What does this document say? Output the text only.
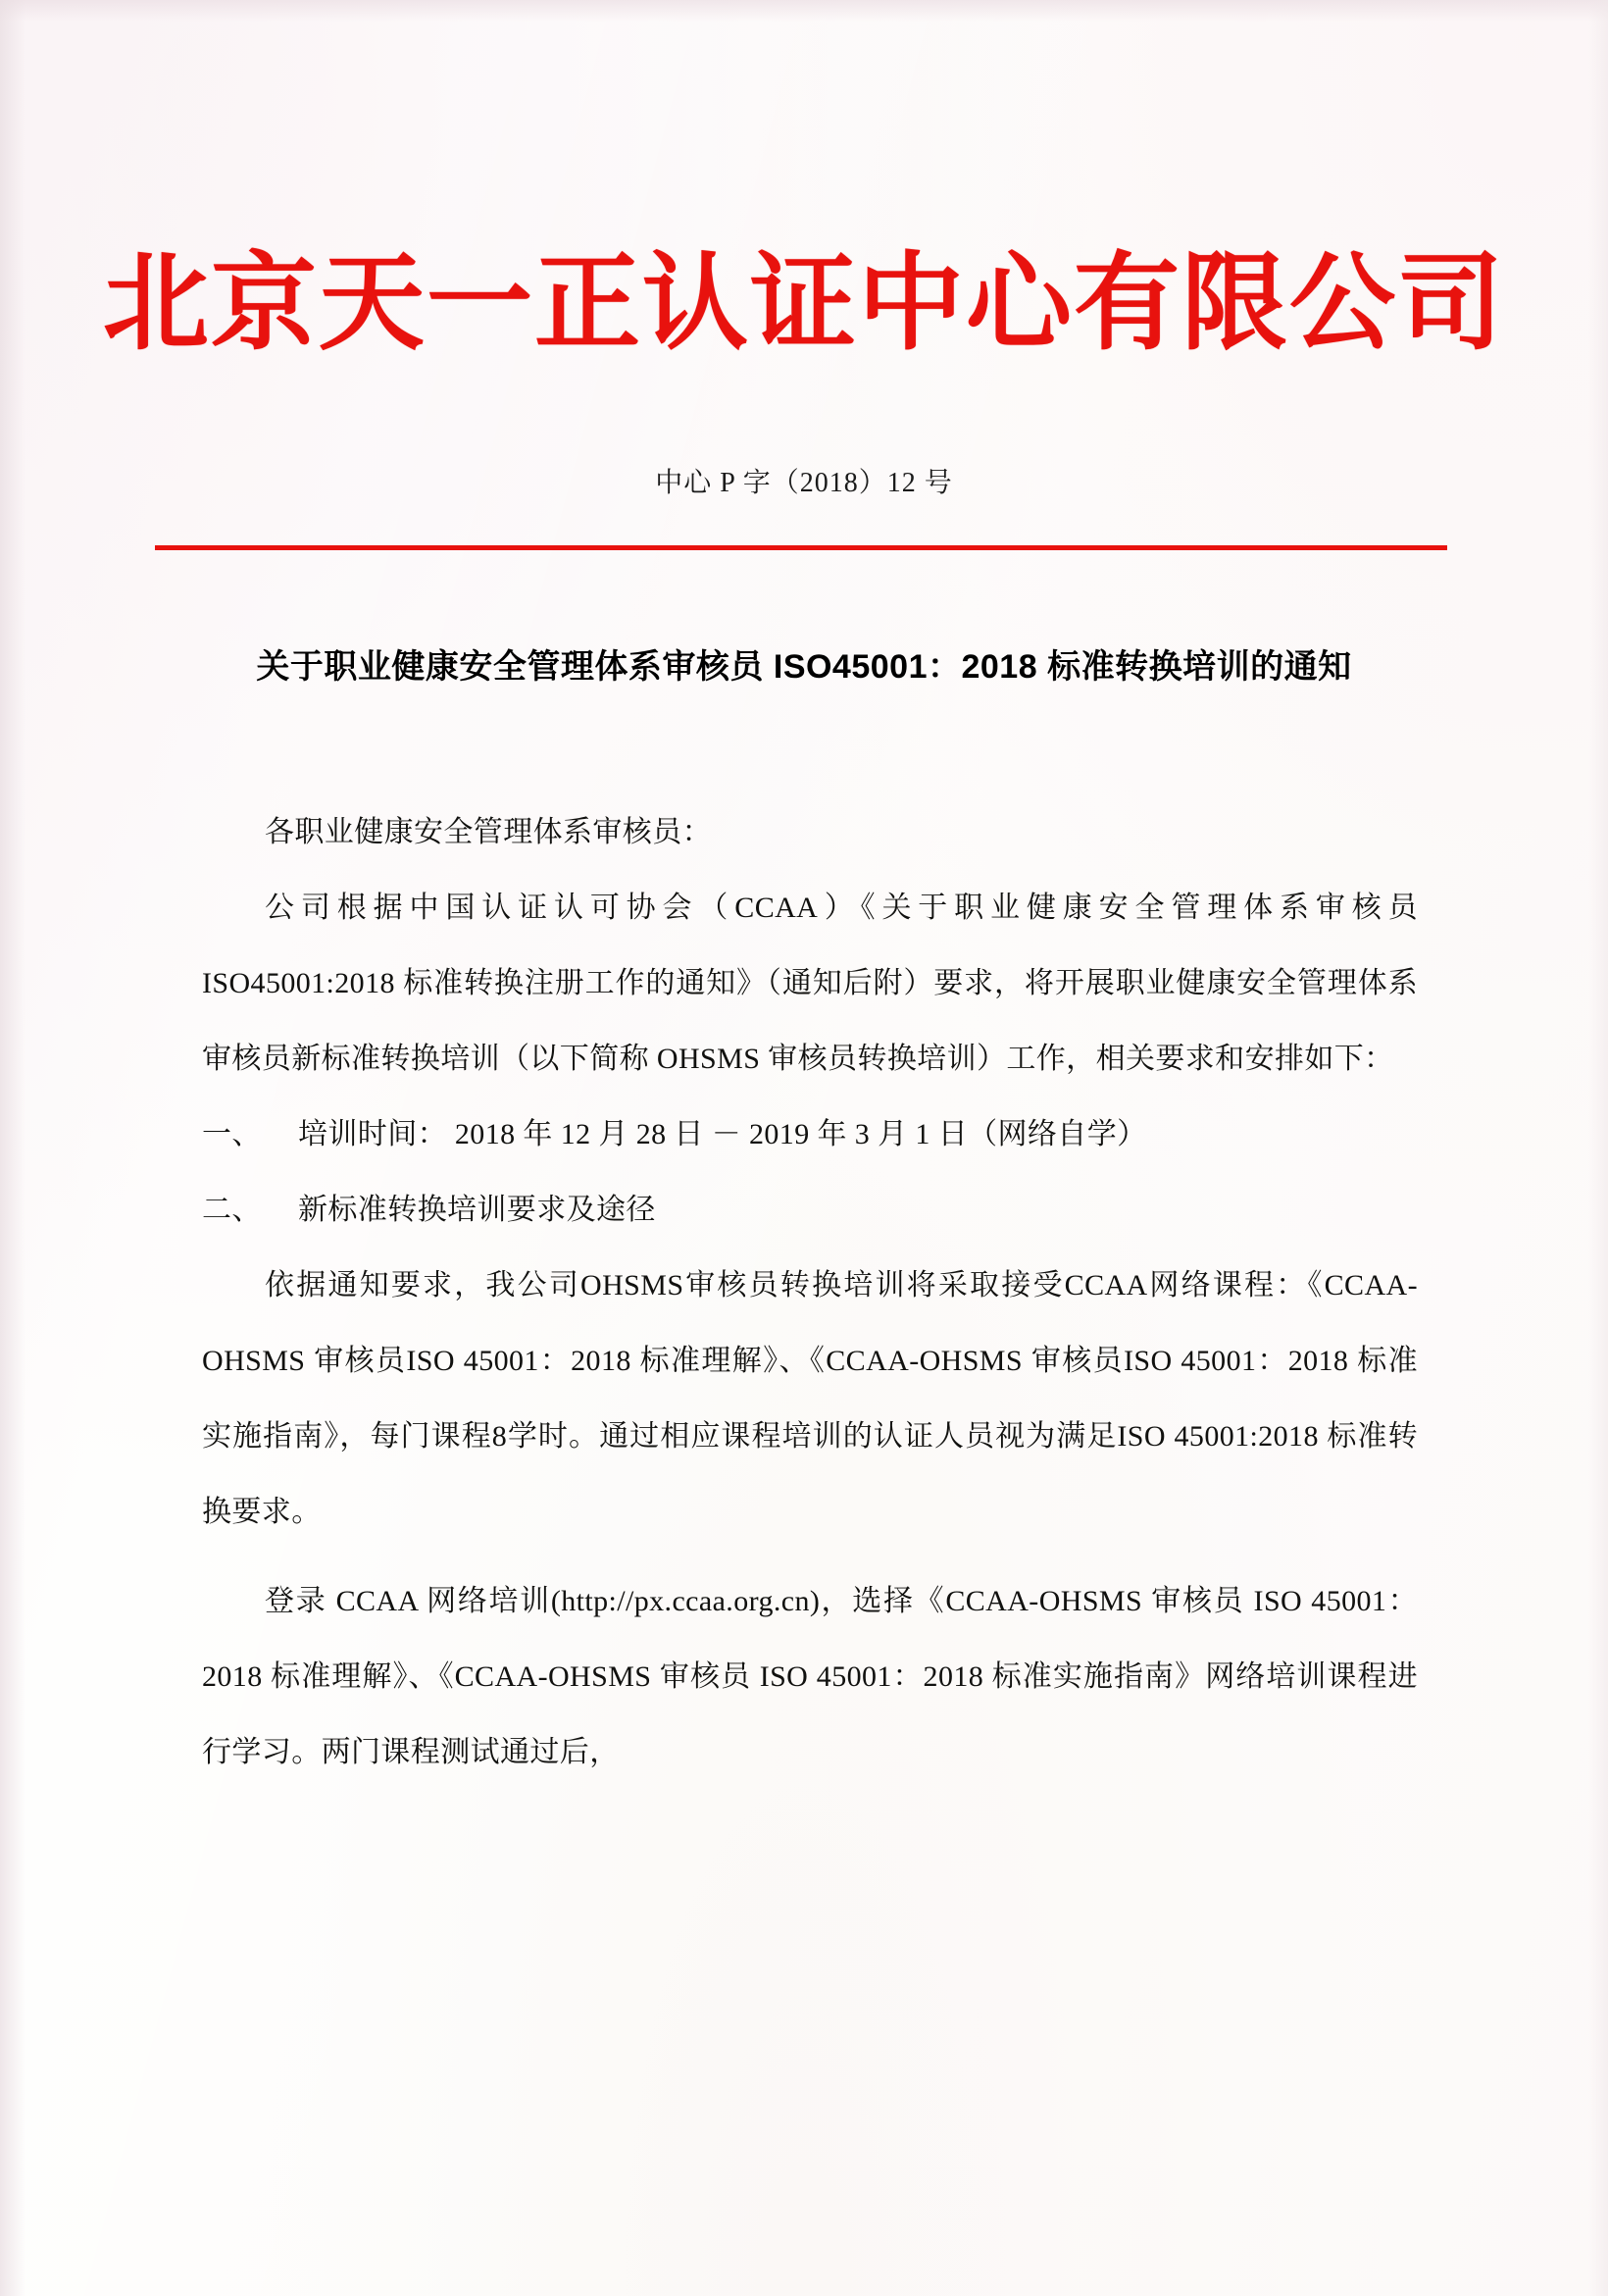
北京天一正认证中心有限公司
中心 P 字（2018）12 号
关于职业健康安全管理体系审核员 ISO45001：2018 标准转换培训的通知

各职业健康安全管理体系审核员：

公司根据中国认证认可协会（CCAA）《关于职业健康安全管理体系审核员 ISO45001:2018 标准转换注册工作的通知》（通知后附）要求，将开展职业健康安全管理体系审核员新标准转换培训（以下简称 OHSMS 审核员转换培训）工作，相关要求和安排如下：

一、 培训时间： 2018 年 12 月 28 日 － 2019 年 3 月 1 日（网络自学）

二、 新标准转换培训要求及途径

依据通知要求，我公司OHSMS审核员转换培训将采取接受CCAA网络课程：《CCAA-OHSMS 审核员ISO 45001：2018 标准理解》、《CCAA-OHSMS 审核员ISO 45001：2018 标准实施指南》，每门课程8学时。通过相应课程培训的认证人员视为满足ISO 45001:2018 标准转换要求。

登录 CCAA 网络培训(http://px.ccaa.org.cn)，选择《CCAA-OHSMS 审核员 ISO 45001：2018 标准理解》、《CCAA-OHSMS 审核员 ISO 45001：2018 标准实施指南》网络培训课程进行学习。两门课程测试通过后，
